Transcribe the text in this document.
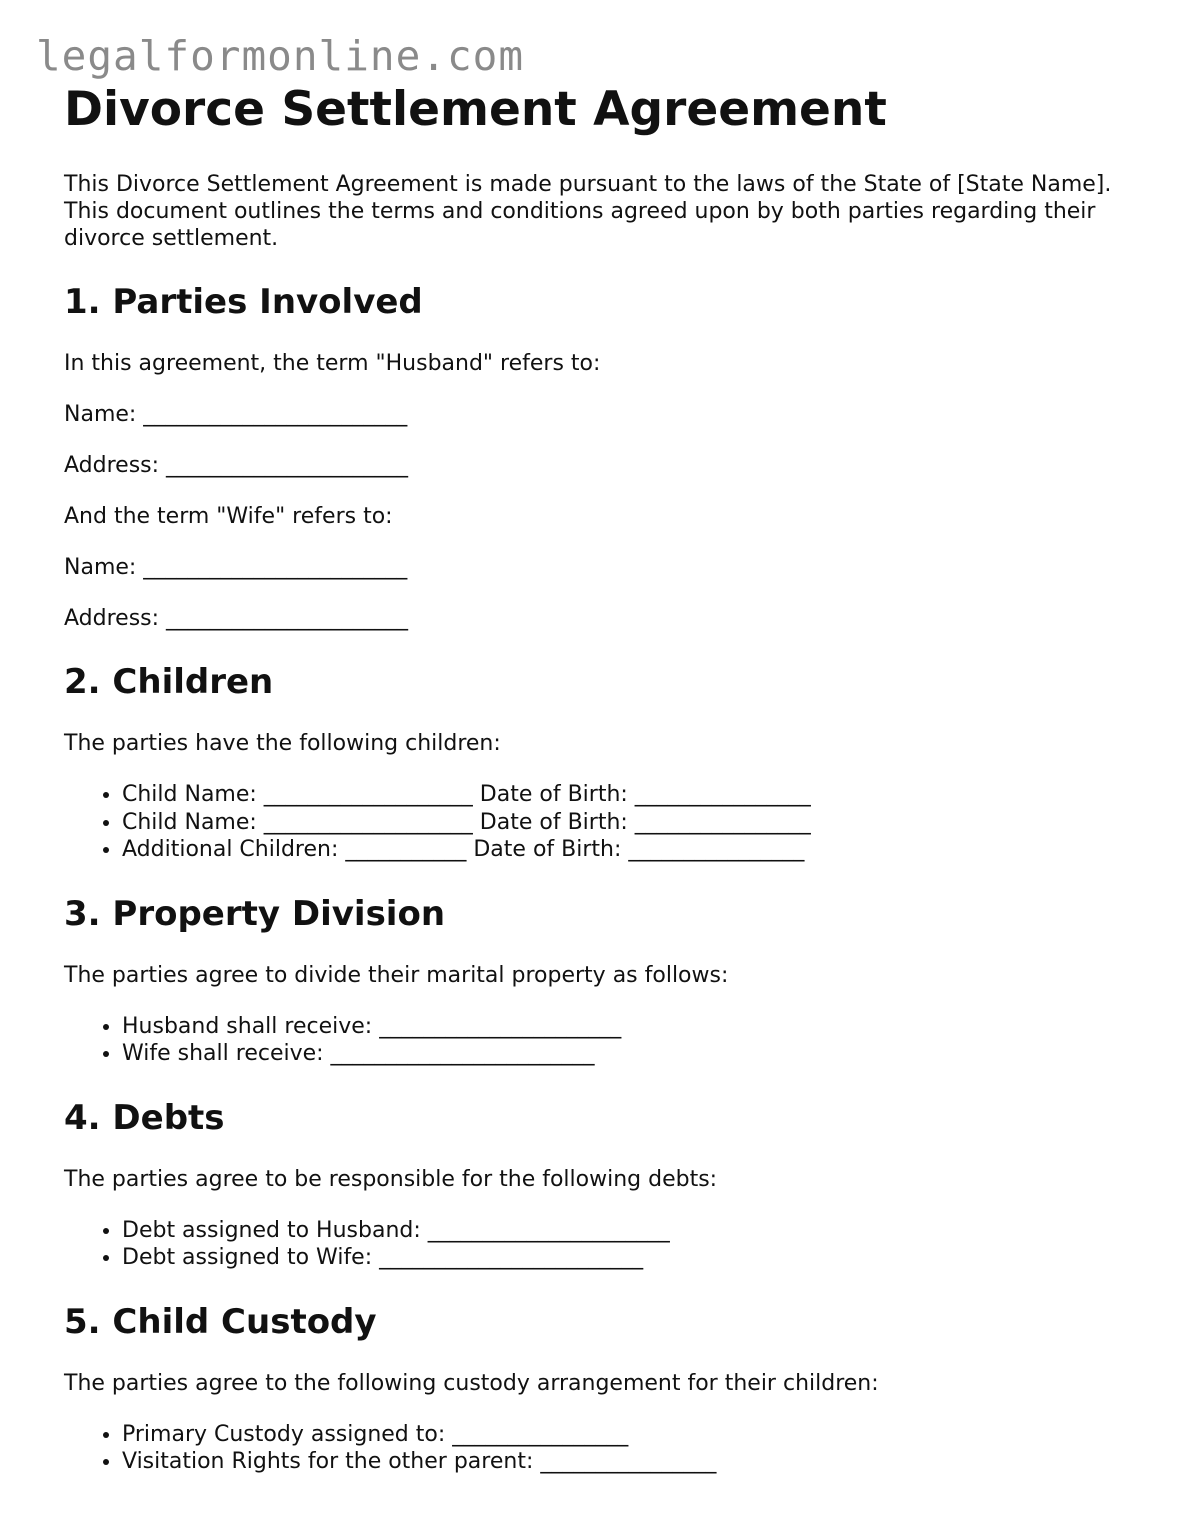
legalformonline.com
Divorce Settlement Agreement

This Divorce Settlement Agreement is made pursuant to the laws of the State of [State Name]. This document outlines the terms and conditions agreed upon by both parties regarding their divorce settlement.

1. Parties Involved

In this agreement, the term "Husband" refers to:

Name: ________________________

Address: ______________________

And the term "Wife" refers to:

Name: ________________________

Address: ______________________

2. Children

The parties have the following children:

• Child Name: ___________________ Date of Birth: ________________
• Child Name: ___________________ Date of Birth: ________________
• Additional Children: ___________ Date of Birth: ________________
3. Property Division

The parties agree to divide their marital property as follows:

• Husband shall receive: ______________________
• Wife shall receive: ________________________
4. Debts

The parties agree to be responsible for the following debts:

• Debt assigned to Husband: ______________________
• Debt assigned to Wife: ________________________
5. Child Custody

The parties agree to the following custody arrangement for their children:

• Primary Custody assigned to: ________________
• Visitation Rights for the other parent: ________________
